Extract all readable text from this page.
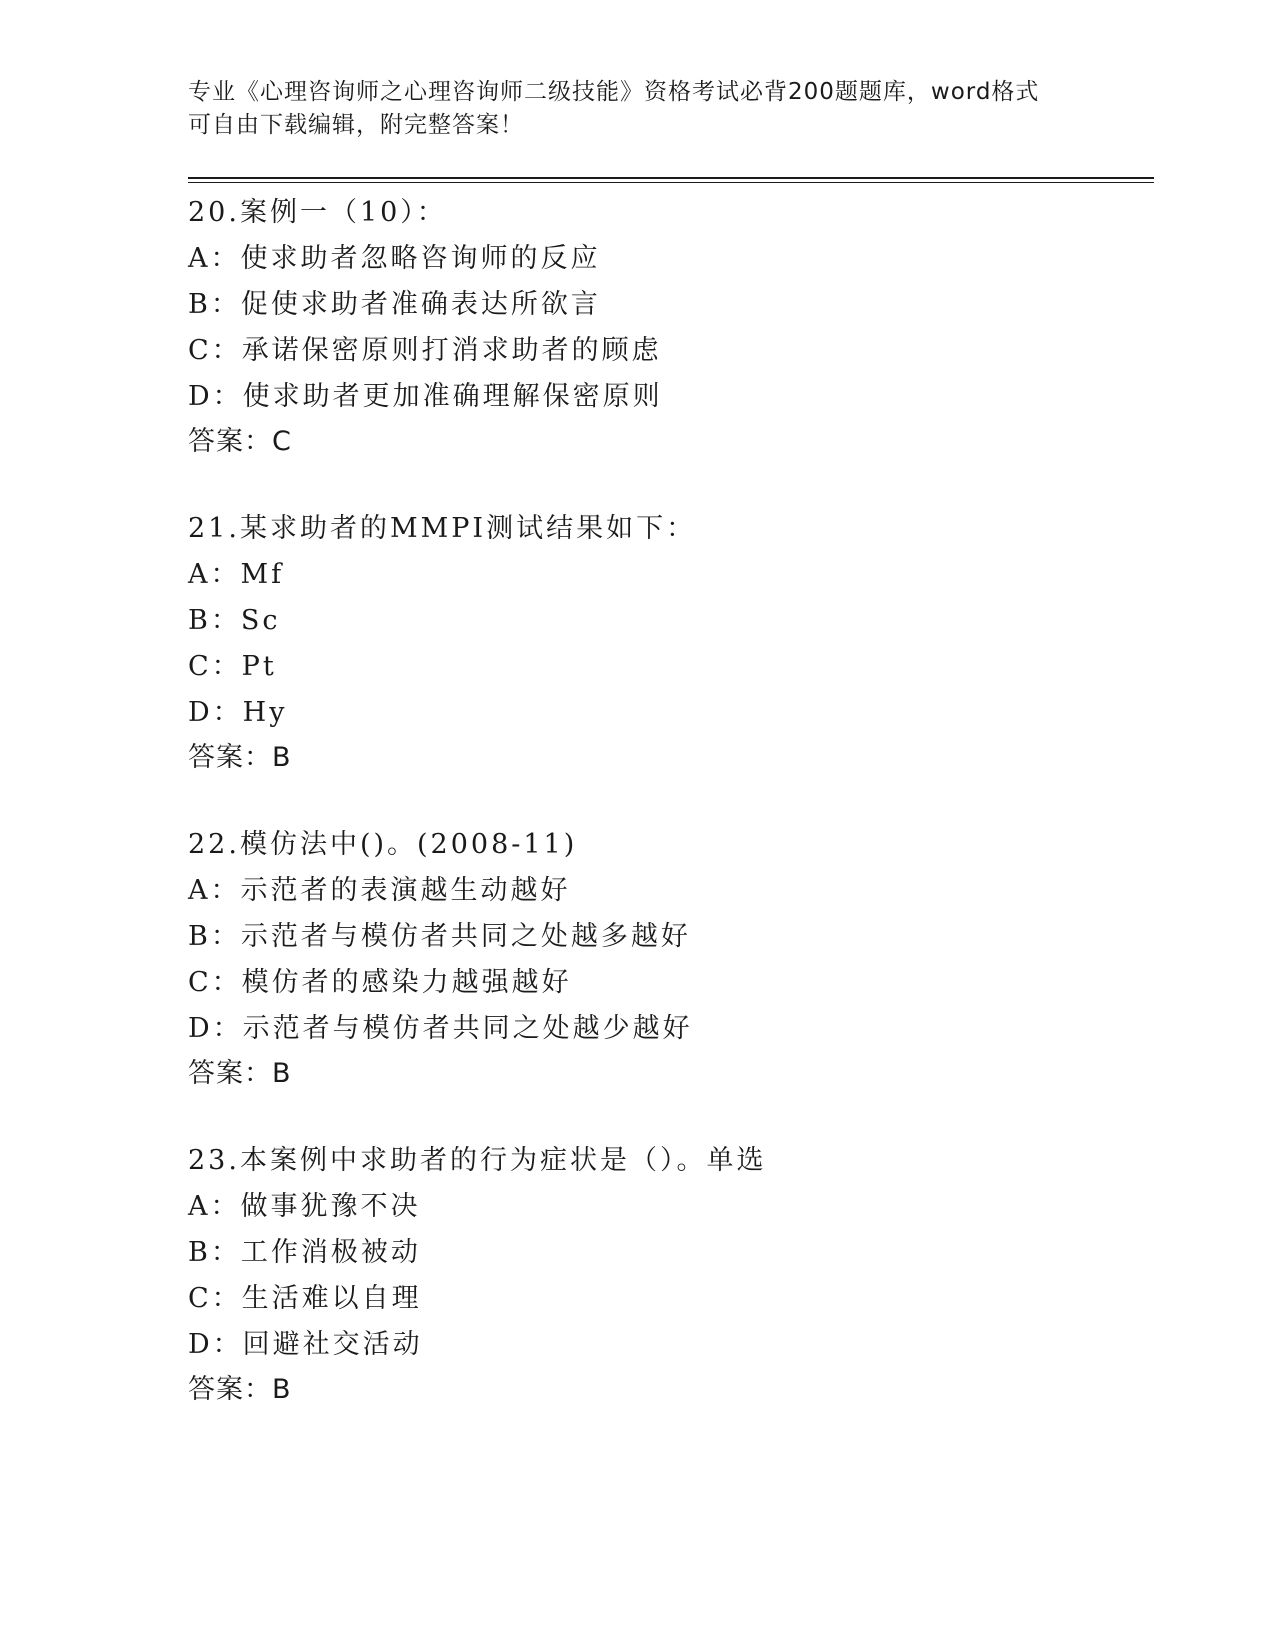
专业《心理咨询师之心理咨询师二级技能》资格考试必背200题题库，word格式
可自由下载编辑，附完整答案！
20.案例一（10）：
A：使求助者忽略咨询师的反应
B：促使求助者准确表达所欲言
C：承诺保密原则打消求助者的顾虑
D：使求助者更加准确理解保密原则
答案：C
21.某求助者的MMPI测试结果如下：
A：Mf
B：Sc
C：Pt
D：Hy
答案：B
22.模仿法中()。(2008-11)
A：示范者的表演越生动越好
B：示范者与模仿者共同之处越多越好
C：模仿者的感染力越强越好
D：示范者与模仿者共同之处越少越好
答案：B
23.本案例中求助者的行为症状是（）。单选
A：做事犹豫不决
B：工作消极被动
C：生活难以自理
D：回避社交活动
答案：B
